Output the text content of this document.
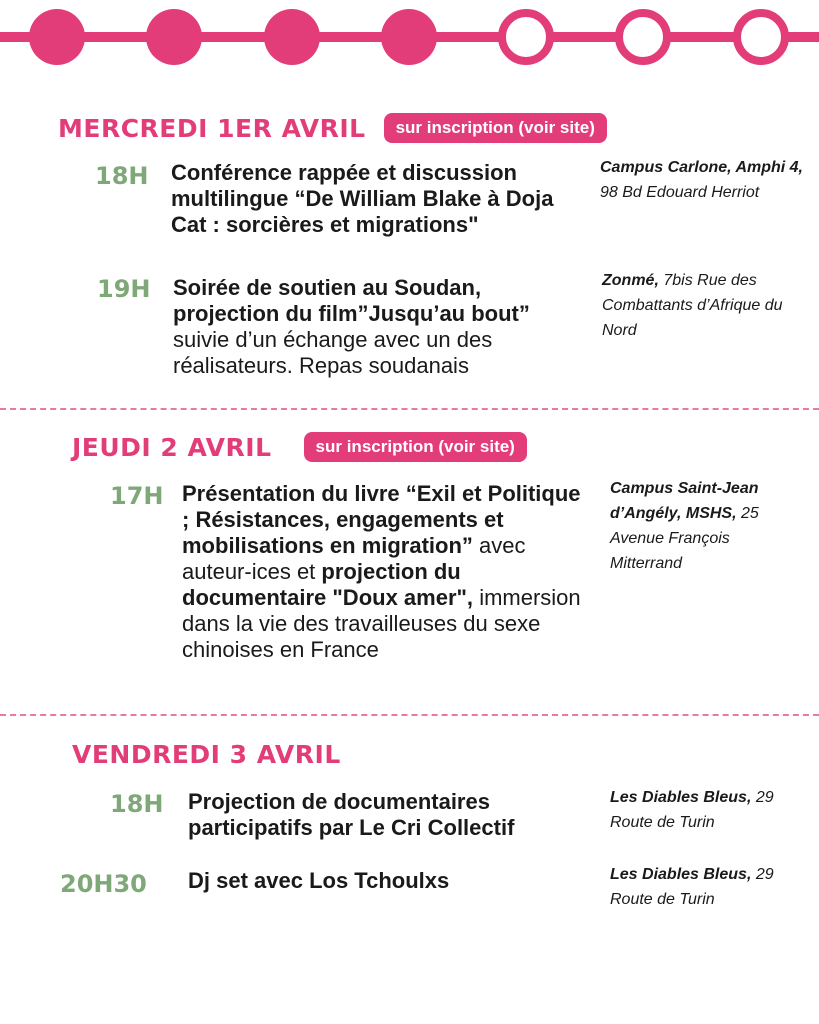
MERCREDI 1ER AVRIL	sur inscription (voir site)
18H Conférence rappée et discussion multilingue “De William Blake à Doja Cat : sorcières et migrations"
Campus Carlone, Amphi 4, 98 Bd Edouard Herriot
19H Soirée de soutien au Soudan, projection du film”Jusqu’au bout” suivie d’un échange avec un des réalisateurs. Repas soudanais
Zonmé, 7bis Rue des Combattants d’Afrique du Nord
JEUDI 2 AVRIL	sur inscription (voir site)
17H Présentation du livre “Exil et Politique ; Résistances, engagements et mobilisations en migration” avec auteur-ices et projection du documentaire "Doux amer", immersion dans la vie des travailleuses du sexe chinoises en France
Campus Saint-Jean d’Angély, MSHS, 25 Avenue François Mitterrand
VENDREDI 3 AVRIL
18H Projection de documentaires participatifs par Le Cri Collectif
Les Diables Bleus, 29 Route de Turin
20H30 Dj set avec Los Tchoulxs	Les Diables Bleus, 29 Route de Turin
